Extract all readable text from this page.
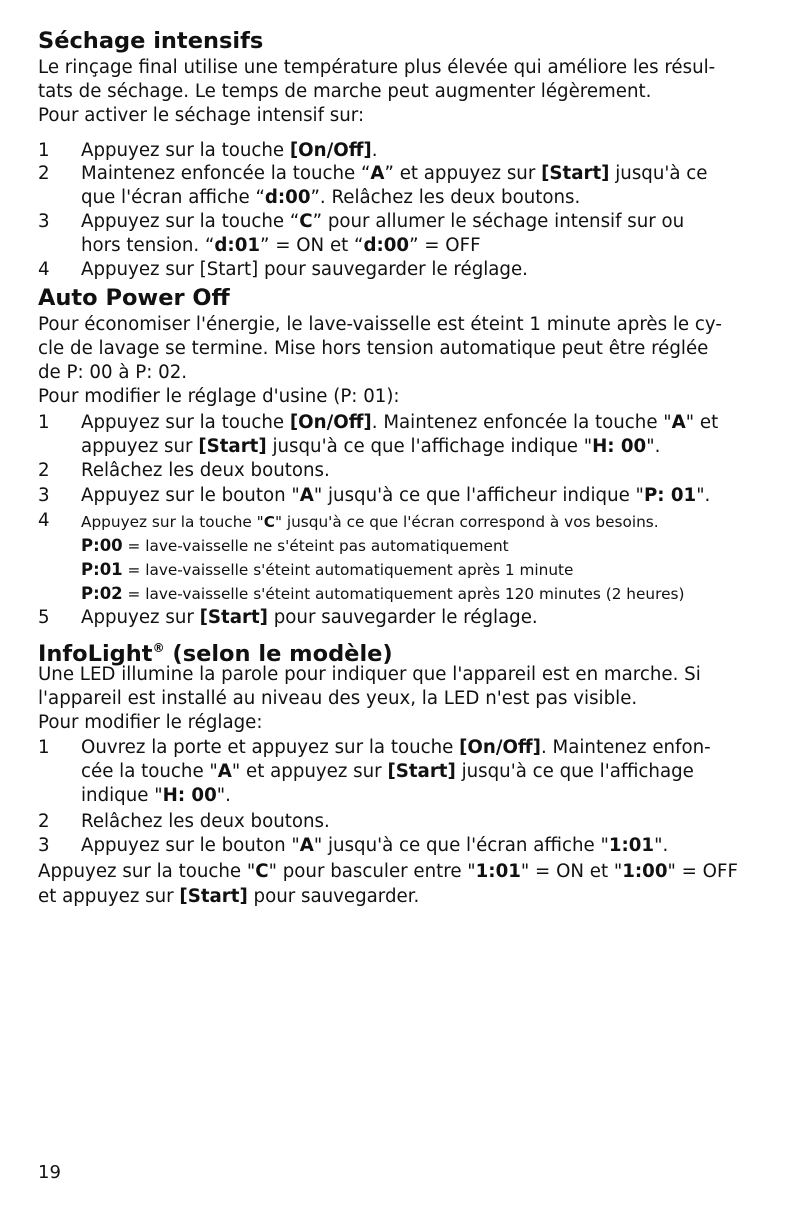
Séchage intensifs
Le rinçage final utilise une température plus élevée qui améliore les résul-
tats de séchage. Le temps de marche peut augmenter légèrement.
Pour activer le séchage intensif sur:
1 Appuyez sur la touche [On/Off].
2 Maintenez enfoncée la touche “A” et appuyez sur [Start] jusqu'à ce
que l'écran affiche “d:00”. Relâchez les deux boutons.
3 Appuyez sur la touche “C” pour allumer le séchage intensif sur ou
hors tension. “d:01” = ON et “d:00” = OFF
4 Appuyez sur [Start] pour sauvegarder le réglage.
Auto Power Off
Pour économiser l'énergie, le lave-vaisselle est éteint 1 minute après le cy-
cle de lavage se termine. Mise hors tension automatique peut être réglée
de P: 00 à P: 02.
Pour modifier le réglage d'usine (P: 01):
1 Appuyez sur la touche [On/Off]. Maintenez enfoncée la touche "A" et
appuyez sur [Start] jusqu'à ce que l'affichage indique "H: 00".
2 Relâchez les deux boutons.
3 Appuyez sur le bouton "A" jusqu'à ce que l'afficheur indique "P: 01".
4 Appuyez sur la touche "C" jusqu'à ce que l'écran correspond à vos besoins.
P:00 = lave-vaisselle ne s'éteint pas automatiquement
P:01 = lave-vaisselle s'éteint automatiquement après 1 minute
P:02 = lave-vaisselle s'éteint automatiquement après 120 minutes (2 heures)
5 Appuyez sur [Start] pour sauvegarder le réglage.
InfoLight® (selon le modèle)
Une LED illumine la parole pour indiquer que l'appareil est en marche. Si
l'appareil est installé au niveau des yeux, la LED n'est pas visible.
Pour modifier le réglage:
1 Ouvrez la porte et appuyez sur la touche [On/Off]. Maintenez enfon-
cée la touche "A" et appuyez sur [Start] jusqu'à ce que l'affichage
indique "H: 00".
2 Relâchez les deux boutons.
3 Appuyez sur le bouton "A" jusqu'à ce que l'écran affiche "1:01".
Appuyez sur la touche "C" pour basculer entre "1:01" = ON et "1:00" = OFF
et appuyez sur [Start] pour sauvegarder.
19
